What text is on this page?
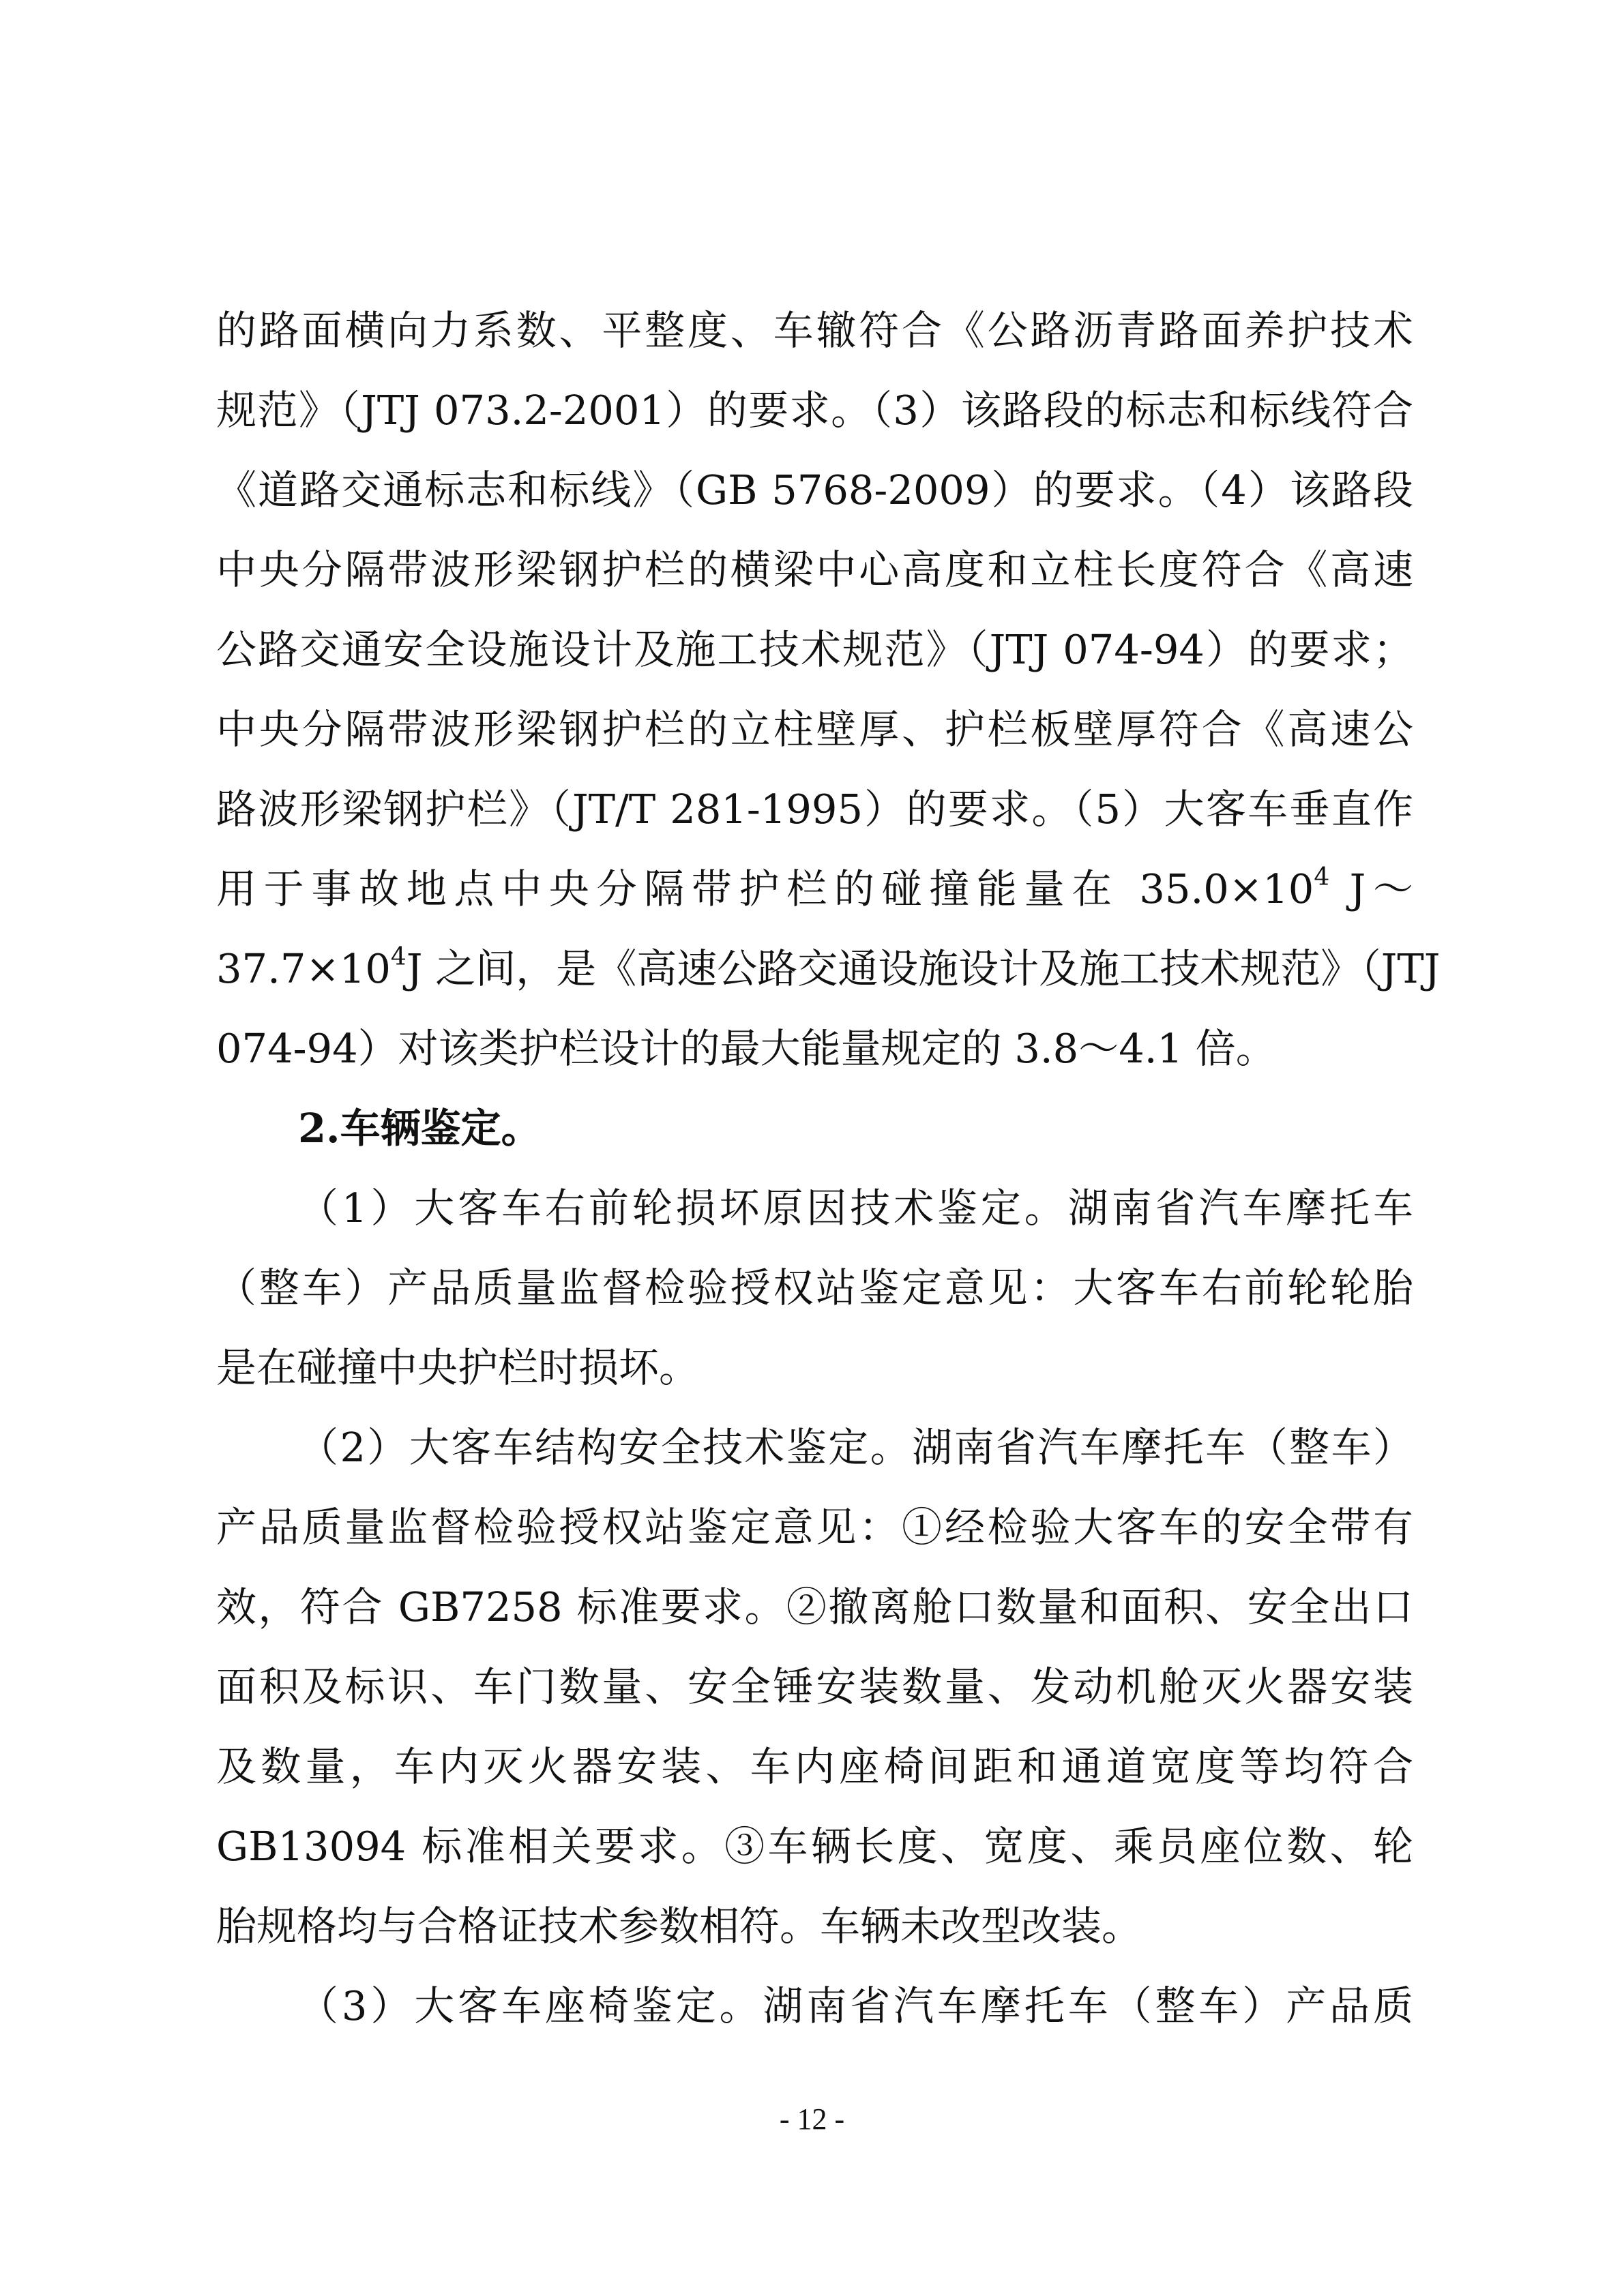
的路面横向力系数、平整度、车辙符合《公路沥青路面养护技术
规范》（JTJ 073.2-2001）的要求。（3）该路段的标志和标线符合
《道路交通标志和标线》（GB 5768-2009）的要求。（4）该路段
中央分隔带波形梁钢护栏的横梁中心高度和立柱长度符合《高速
公路交通安全设施设计及施工技术规范》（JTJ 074-94）的要求；
中央分隔带波形梁钢护栏的立柱壁厚、护栏板壁厚符合《高速公
路波形梁钢护栏》（JT/T 281-1995）的要求。（5）大客车垂直作
用于事故地点中央分隔带护栏的碰撞能量在 $35.0\times 10^4$ J～
$37.7\times 10^4J$ 之间，是《高速公路交通设施设计及施工技术规范》（JTJ
074-94）对该类护栏设计的最大能量规定的 3.8～4.1 倍。
2.车辆鉴定。
（1）大客车右前轮损坏原因技术鉴定。湖南省汽车摩托车
（整车）产品质量监督检验授权站鉴定意见：大客车右前轮轮胎
是在碰撞中央护栏时损坏。
（2）大客车结构安全技术鉴定。湖南省汽车摩托车（整车）
产品质量监督检验授权站鉴定意见：①经检验大客车的安全带有
效，符合 GB7258 标准要求。②撤离舱口数量和面积、安全出口
面积及标识、车门数量、安全锤安装数量、发动机舱灭火器安装
及数量，车内灭火器安装、车内座椅间距和通道宽度等均符合
GB13094 标准相关要求。③车辆长度、宽度、乘员座位数、轮
胎规格均与合格证技术参数相符。车辆未改型改装。
（3）大客车座椅鉴定。湖南省汽车摩托车（整车）产品质
- 12 -
